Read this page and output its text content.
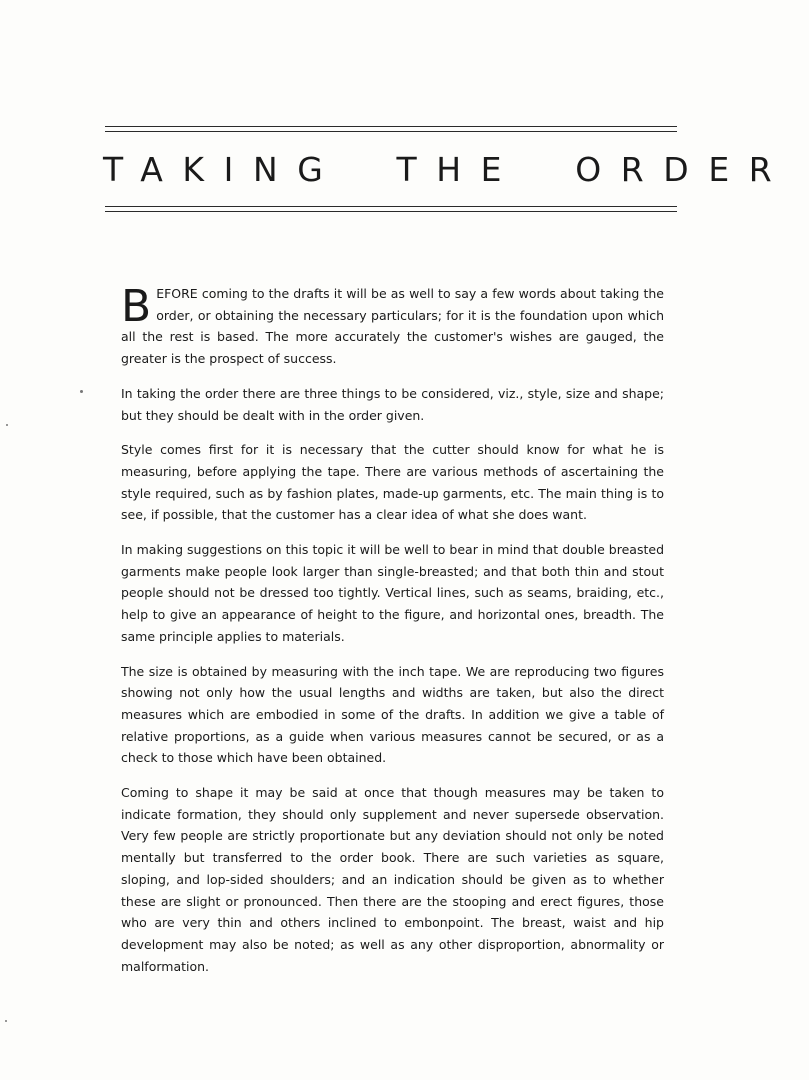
TAKING THE ORDER

B EFORE coming to the drafts it will be as well to say a few words about taking the order, or obtaining the necessary particulars; for it is the foundation upon which all the rest is based. The more accurately the customer's wishes are gauged, the greater is the prospect of success.

In taking the order there are three things to be considered, viz., style, size and shape; but they should be dealt with in the order given.

Style comes first for it is necessary that the cutter should know for what he is measuring, before applying the tape. There are various methods of ascertaining the style required, such as by fashion plates, made-up garments, etc. The main thing is to see, if possible, that the customer has a clear idea of what she does want.

In making suggestions on this topic it will be well to bear in mind that double breasted garments make people look larger than single-breasted; and that both thin and stout people should not be dressed too tightly. Vertical lines, such as seams, braiding, etc., help to give an appearance of height to the figure, and horizontal ones, breadth. The same principle applies to materials.

The size is obtained by measuring with the inch tape. We are reproducing two figures showing not only how the usual lengths and widths are taken, but also the direct measures which are embodied in some of the drafts. In addition we give a table of relative proportions, as a guide when various measures cannot be secured, or as a check to those which have been obtained.

Coming to shape it may be said at once that though measures may be taken to indicate formation, they should only supplement and never supersede observation. Very few people are strictly proportionate but any deviation should not only be noted mentally but transferred to the order book. There are such varieties as square, sloping, and lop-sided shoulders; and an indication should be given as to whether these are slight or pronounced. Then there are the stooping and erect figures, those who are very thin and others inclined to embonpoint. The breast, waist and hip development may also be noted; as well as any other disproportion, abnormality or malformation.
